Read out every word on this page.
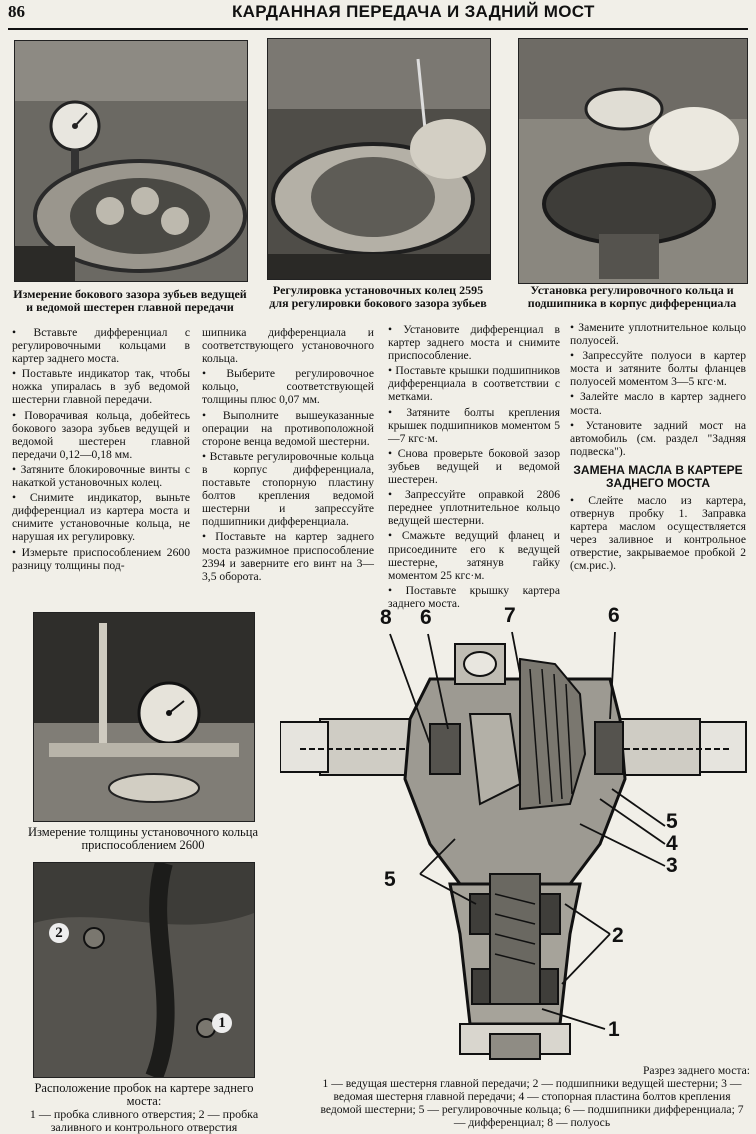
86	КАРДАННАЯ ПЕРЕДАЧА И ЗАДНИЙ МОСТ
Измерение бокового зазора зубьев ведущей и ведомой шестерен главной передачи
Регулировка установочных колец 2595 для регулировки бокового зазора зубьев
Установка регулировочного кольца и подшипника в корпус дифференциала

• Вставьте дифференциал с регулировочными кольцами в картер заднего моста.

• Поставьте индикатор так, чтобы ножка упиралась в зуб ведомой шестерни главной передачи.

• Поворачивая кольца, добейтесь бокового зазора зубьев ведущей и ведомой шестерен главной передачи 0,12—0,18 мм.

• Затяните блокировочные винты с накаткой установочных колец.

• Снимите индикатор, выньте дифференциал из картера моста и снимите установочные кольца, не нарушая их регулировку.

• Измерьте приспособлением 2600 разницу толщины под-

шипника дифференциала и соответствующего установочного кольца.

• Выберите регулировочное кольцо, соответствующей толщины плюс 0,07 мм.

• Выполните вышеуказанные операции на противоположной стороне венца ведомой шестерни.

• Вставьте регулировочные кольца в корпус дифференциала, поставьте стопорную пластину болтов крепления ведомой шестерни и запрессуйте подшипники дифференциала.

• Поставьте на картер заднего моста разжимное приспособление 2394 и заверните его винт на 3—3,5 оборота.

• Установите дифференциал в картер заднего моста и снимите приспособление.

• Поставьте крышки подшипников дифференциала в соответствии с метками.

• Затяните болты крепления крышек подшипников моментом 5—7 кгс·м.

• Снова проверьте боковой зазор зубьев ведущей и ведомой шестерен.

• Запрессуйте оправкой 2806 переднее уплотнительное кольцо ведущей шестерни.

• Смажьте ведущий фланец и присоедините его к ведущей шестерне, затянув гайку моментом 25 кгс·м.

• Поставьте крышку картера заднего моста.

• Замените уплотнительное кольцо полуосей.

• Запрессуйте полуоси в картер моста и затяните болты фланцев полуосей моментом 3—5 кгс·м.

• Залейте масло в картер заднего моста.

• Установите задний мост на автомобиль (см. раздел "Задняя подвеска").

ЗАМЕНА МАСЛА В КАРТЕРЕ ЗАДНЕГО МОСТА

• Слейте масло из картера, отвернув пробку 1. Заправка картера маслом осуществляется через заливное и контрольное отверстие, закрываемое пробкой 2 (см.рис.).

Измерение толщины установочного кольца приспособлением 2600
2
1
Расположение пробок на картере заднего моста:
1 — пробка сливного отверстия; 2 — пробка заливного и контрольного отверстия
8 6	7	6
5
4
3
5
2
1
Разрез заднего моста:
1 — ведущая шестерня главной передачи; 2 — подшипники ведущей шестерни; 3 — ведомая шестерня главной передачи; 4 — стопорная пластина болтов крепления ведомой шестерни; 5 — регулировочные кольца; 6 — подшипники дифференциала; 7 — дифференциал; 8 — полуось
